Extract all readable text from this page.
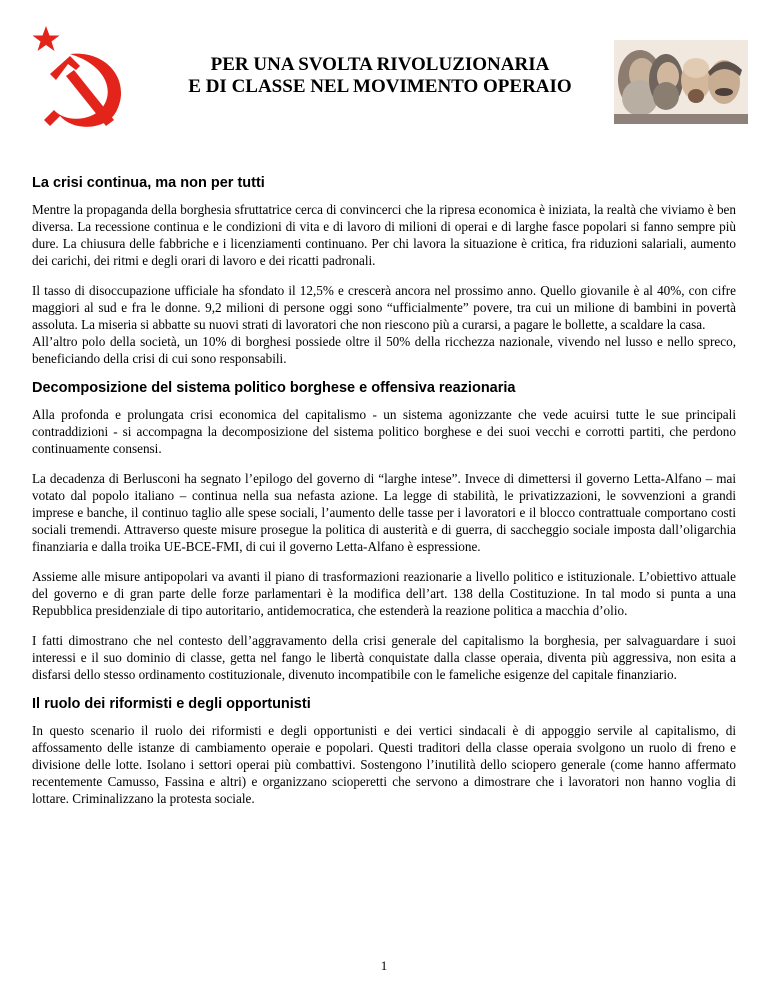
PER UNA SVOLTA RIVOLUZIONARIA
E DI CLASSE NEL MOVIMENTO OPERAIO
La crisi continua, ma non per tutti

Mentre la propaganda della borghesia sfruttatrice cerca di convincerci che la ripresa economica è iniziata, la realtà che viviamo è ben diversa. La recessione continua e le condizioni di vita e di lavoro di milioni di operai e di larghe fasce popolari si fanno sempre più dure. La chiusura delle fabbriche e i licenziamenti continuano. Per chi lavora la situazione è critica, fra riduzioni salariali, aumento dei carichi, dei ritmi e degli orari di lavoro e dei ricatti padronali.

Il tasso di disoccupazione ufficiale ha sfondato il 12,5% e crescerà ancora nel prossimo anno. Quello giovanile è al 40%, con cifre maggiori al sud e fra le donne. 9,2 milioni di persone oggi sono “ufficialmente” povere, tra cui un milione di bambini in povertà assoluta. La miseria si abbatte su nuovi strati di lavoratori che non riescono più a curarsi, a pagare le bollette, a scaldare la casa.

All’altro polo della società, un 10% di borghesi possiede oltre il 50% della ricchezza nazionale, vivendo nel lusso e nello spreco, beneficiando della crisi di cui sono responsabili.

Decomposizione del sistema politico borghese e offensiva reazionaria

Alla profonda e prolungata crisi economica del capitalismo - un sistema agonizzante che vede acuirsi tutte le sue principali contraddizioni - si accompagna la decomposizione del sistema politico borghese e dei suoi vecchi e corrotti partiti, che perdono continuamente consensi.

La decadenza di Berlusconi ha segnato l’epilogo del governo di “larghe intese”. Invece di dimettersi il governo Letta-Alfano – mai votato dal popolo italiano – continua nella sua nefasta azione. La legge di stabilità, le privatizzazioni, le sovvenzioni a grandi imprese e banche, il continuo taglio alle spese sociali, l’aumento delle tasse per i lavoratori e il blocco contrattuale comportano costi sociali tremendi. Attraverso queste misure prosegue la politica di austerità e di guerra, di saccheggio sociale imposta dall’oligarchia finanziaria e dalla troika UE-BCE-FMI, di cui il governo Letta-Alfano è espressione.

Assieme alle misure antipopolari va avanti il piano di trasformazioni reazionarie a livello politico e istituzionale. L’obiettivo attuale del governo e di gran parte delle forze parlamentari è la modifica dell’art. 138 della Costituzione. In tal modo si punta a una Repubblica presidenziale di tipo autoritario, antidemocratica, che estenderà la reazione politica a macchia d’olio.

I fatti dimostrano che nel contesto dell’aggravamento della crisi generale del capitalismo la borghesia, per salvaguardare i suoi interessi e il suo dominio di classe, getta nel fango le libertà conquistate dalla classe operaia, diventa più aggressiva, non esita a disfarsi dello stesso ordinamento costituzionale, divenuto incompatibile con le fameliche esigenze del capitale finanziario.

Il ruolo dei riformisti e degli opportunisti

In questo scenario il ruolo dei riformisti e degli opportunisti e dei vertici sindacali è di appoggio servile al capitalismo, di affossamento delle istanze di cambiamento operaie e popolari. Questi traditori della classe operaia svolgono un ruolo di freno e divisione delle lotte. Isolano i settori operai più combattivi. Sostengono l’inutilità dello sciopero generale (come hanno affermato recentemente Camusso, Fassina e altri) e organizzano scioperetti che servono a dimostrare che i lavoratori non hanno voglia di lottare. Criminalizzano la protesta sociale.

1
